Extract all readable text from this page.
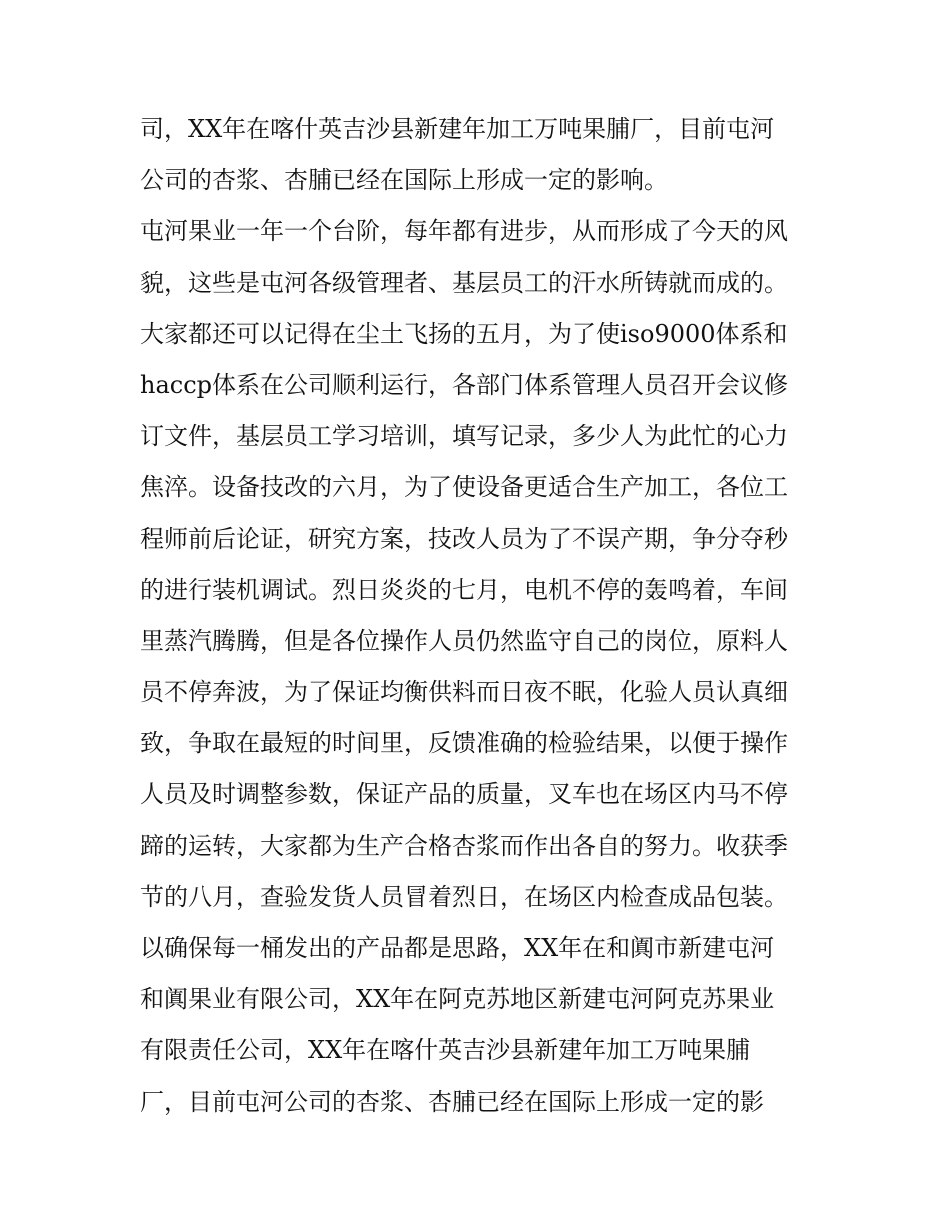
司，XX年在喀什英吉沙县新建年加工万吨果脯厂，目前屯河
公司的杏浆、杏脯已经在国际上形成一定的影响。
屯河果业一年一个台阶，每年都有进步，从而形成了今天的风
貌，这些是屯河各级管理者、基层员工的汗水所铸就而成的。
大家都还可以记得在尘土飞扬的五月，为了使iso9000体系和
haccp体系在公司顺利运行，各部门体系管理人员召开会议修
订文件，基层员工学习培训，填写记录，多少人为此忙的心力
焦淬。设备技改的六月，为了使设备更适合生产加工，各位工
程师前后论证，研究方案，技改人员为了不误产期，争分夺秒
的进行装机调试。烈日炎炎的七月，电机不停的轰鸣着，车间
里蒸汽腾腾，但是各位操作人员仍然监守自己的岗位，原料人
员不停奔波，为了保证均衡供料而日夜不眠，化验人员认真细
致，争取在最短的时间里，反馈准确的检验结果，以便于操作
人员及时调整参数，保证产品的质量，叉车也在场区内马不停
蹄的运转，大家都为生产合格杏浆而作出各自的努力。收获季
节的八月，查验发货人员冒着烈日，在场区内检查成品包装。
以确保每一桶发出的产品都是思路，XX年在和阗市新建屯河
和阗果业有限公司，XX年在阿克苏地区新建屯河阿克苏果业
有限责任公司，XX年在喀什英吉沙县新建年加工万吨果脯
厂，目前屯河公司的杏浆、杏脯已经在国际上形成一定的影
